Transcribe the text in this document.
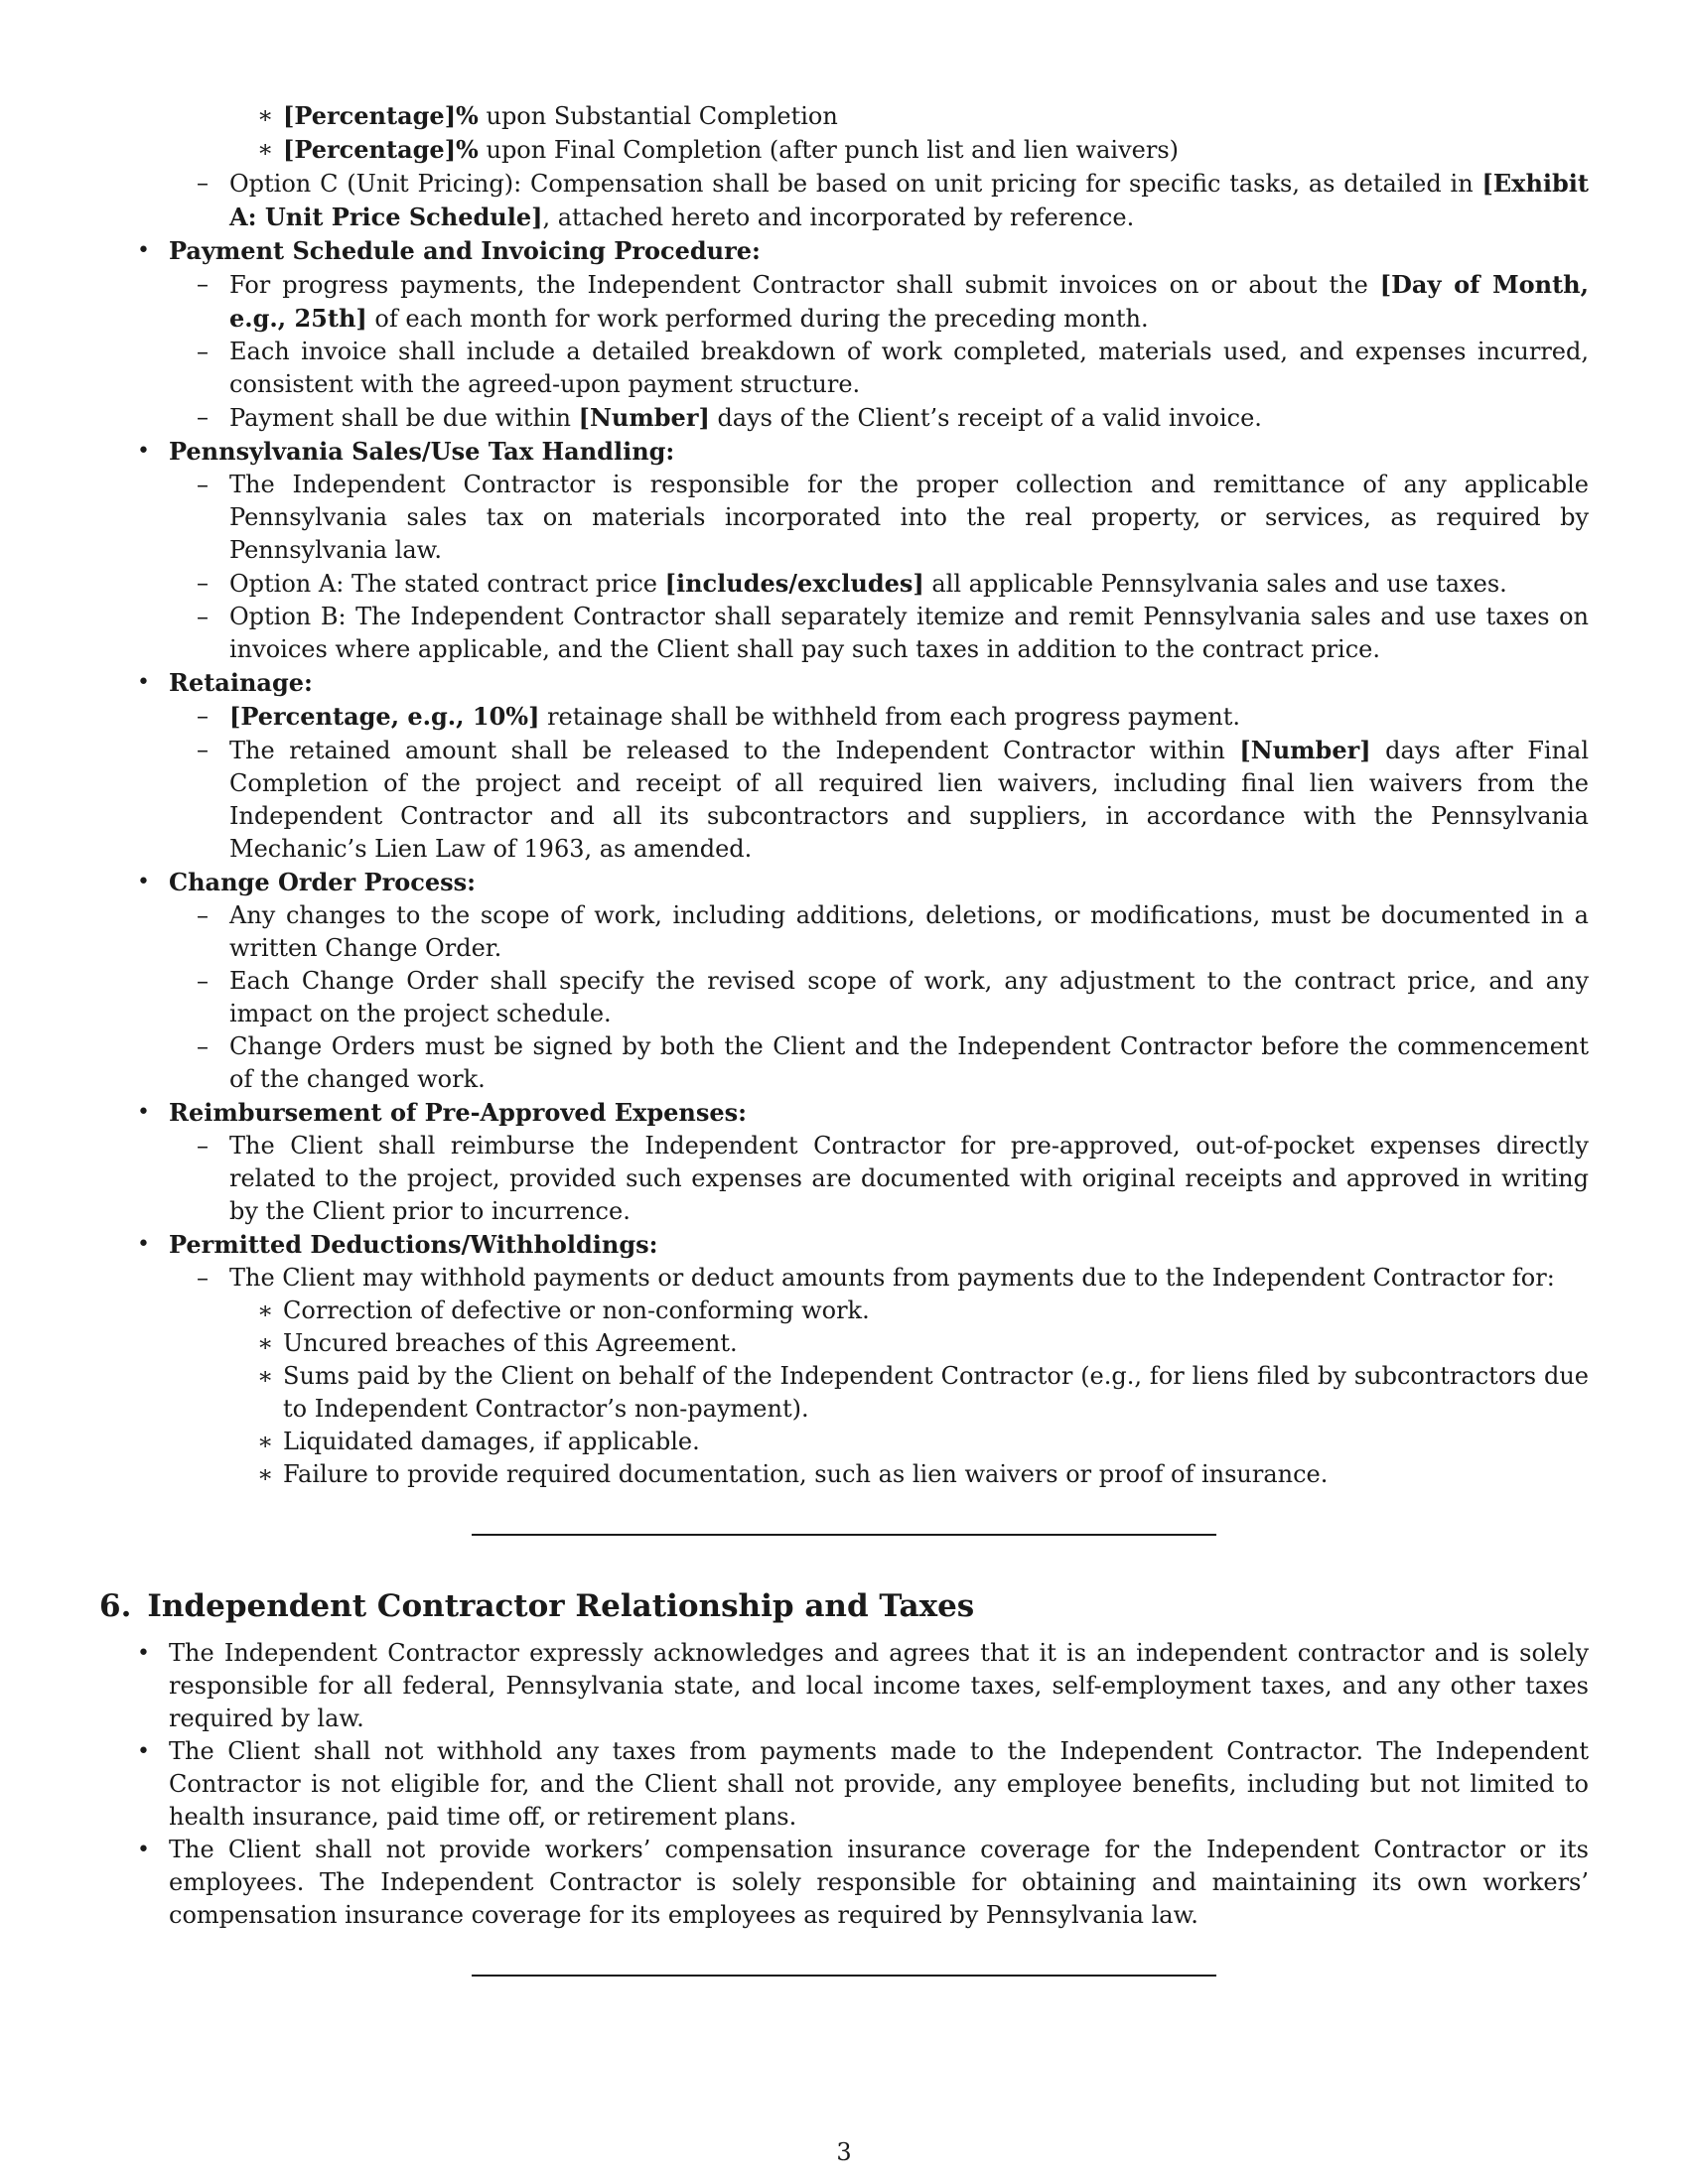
∗ [Percentage]% upon Substantial Completion
∗ [Percentage]% upon Final Completion (after punch list and lien waivers)
– Option C (Unit Pricing): Compensation shall be based on unit pricing for specific tasks, as detailed in [Exhibit A: Unit Price Schedule], attached hereto and incorporated by reference.
• Payment Schedule and Invoicing Procedure:
– For progress payments, the Independent Contractor shall submit invoices on or about the [Day of Month, e.g., 25th] of each month for work performed during the preceding month.
– Each invoice shall include a detailed breakdown of work completed, materials used, and expenses incurred, consistent with the agreed-upon payment structure.
– Payment shall be due within [Number] days of the Client’s receipt of a valid invoice.
• Pennsylvania Sales/Use Tax Handling:
– The Independent Contractor is responsible for the proper collection and remittance of any applicable Pennsylvania sales tax on materials incorporated into the real property, or services, as required by Pennsylvania law.
– Option A: The stated contract price [includes/excludes] all applicable Pennsylvania sales and use taxes.
– Option B: The Independent Contractor shall separately itemize and remit Pennsylvania sales and use taxes on invoices where applicable, and the Client shall pay such taxes in addition to the contract price.
• Retainage:
– [Percentage, e.g., 10%] retainage shall be withheld from each progress payment.
– The retained amount shall be released to the Independent Contractor within [Number] days after Final Completion of the project and receipt of all required lien waivers, including final lien waivers from the Independent Contractor and all its subcontractors and suppliers, in accordance with the Pennsylvania Mechanic’s Lien Law of 1963, as amended.
• Change Order Process:
– Any changes to the scope of work, including additions, deletions, or modifications, must be documented in a written Change Order.
– Each Change Order shall specify the revised scope of work, any adjustment to the contract price, and any impact on the project schedule.
– Change Orders must be signed by both the Client and the Independent Contractor before the commencement of the changed work.
• Reimbursement of Pre-Approved Expenses:
– The Client shall reimburse the Independent Contractor for pre-approved, out-of-pocket expenses directly related to the project, provided such expenses are documented with original receipts and approved in writing by the Client prior to incurrence.
• Permitted Deductions/Withholdings:
– The Client may withhold payments or deduct amounts from payments due to the Independent Contractor for:
∗ Correction of defective or non-conforming work.
∗ Uncured breaches of this Agreement.
∗ Sums paid by the Client on behalf of the Independent Contractor (e.g., for liens filed by subcontractors due to Independent Contractor’s non-payment).
∗ Liquidated damages, if applicable.
∗ Failure to provide required documentation, such as lien waivers or proof of insurance.
6. Independent Contractor Relationship and Taxes
• The Independent Contractor expressly acknowledges and agrees that it is an independent contractor and is solely responsible for all federal, Pennsylvania state, and local income taxes, self-employment taxes, and any other taxes required by law.
• The Client shall not withhold any taxes from payments made to the Independent Contractor. The Independent Contractor is not eligible for, and the Client shall not provide, any employee benefits, including but not limited to health insurance, paid time off, or retirement plans.
• The Client shall not provide workers’ compensation insurance coverage for the Independent Contractor or its employees. The Independent Contractor is solely responsible for obtaining and maintaining its own workers’ compensation insurance coverage for its employees as required by Pennsylvania law.
3
